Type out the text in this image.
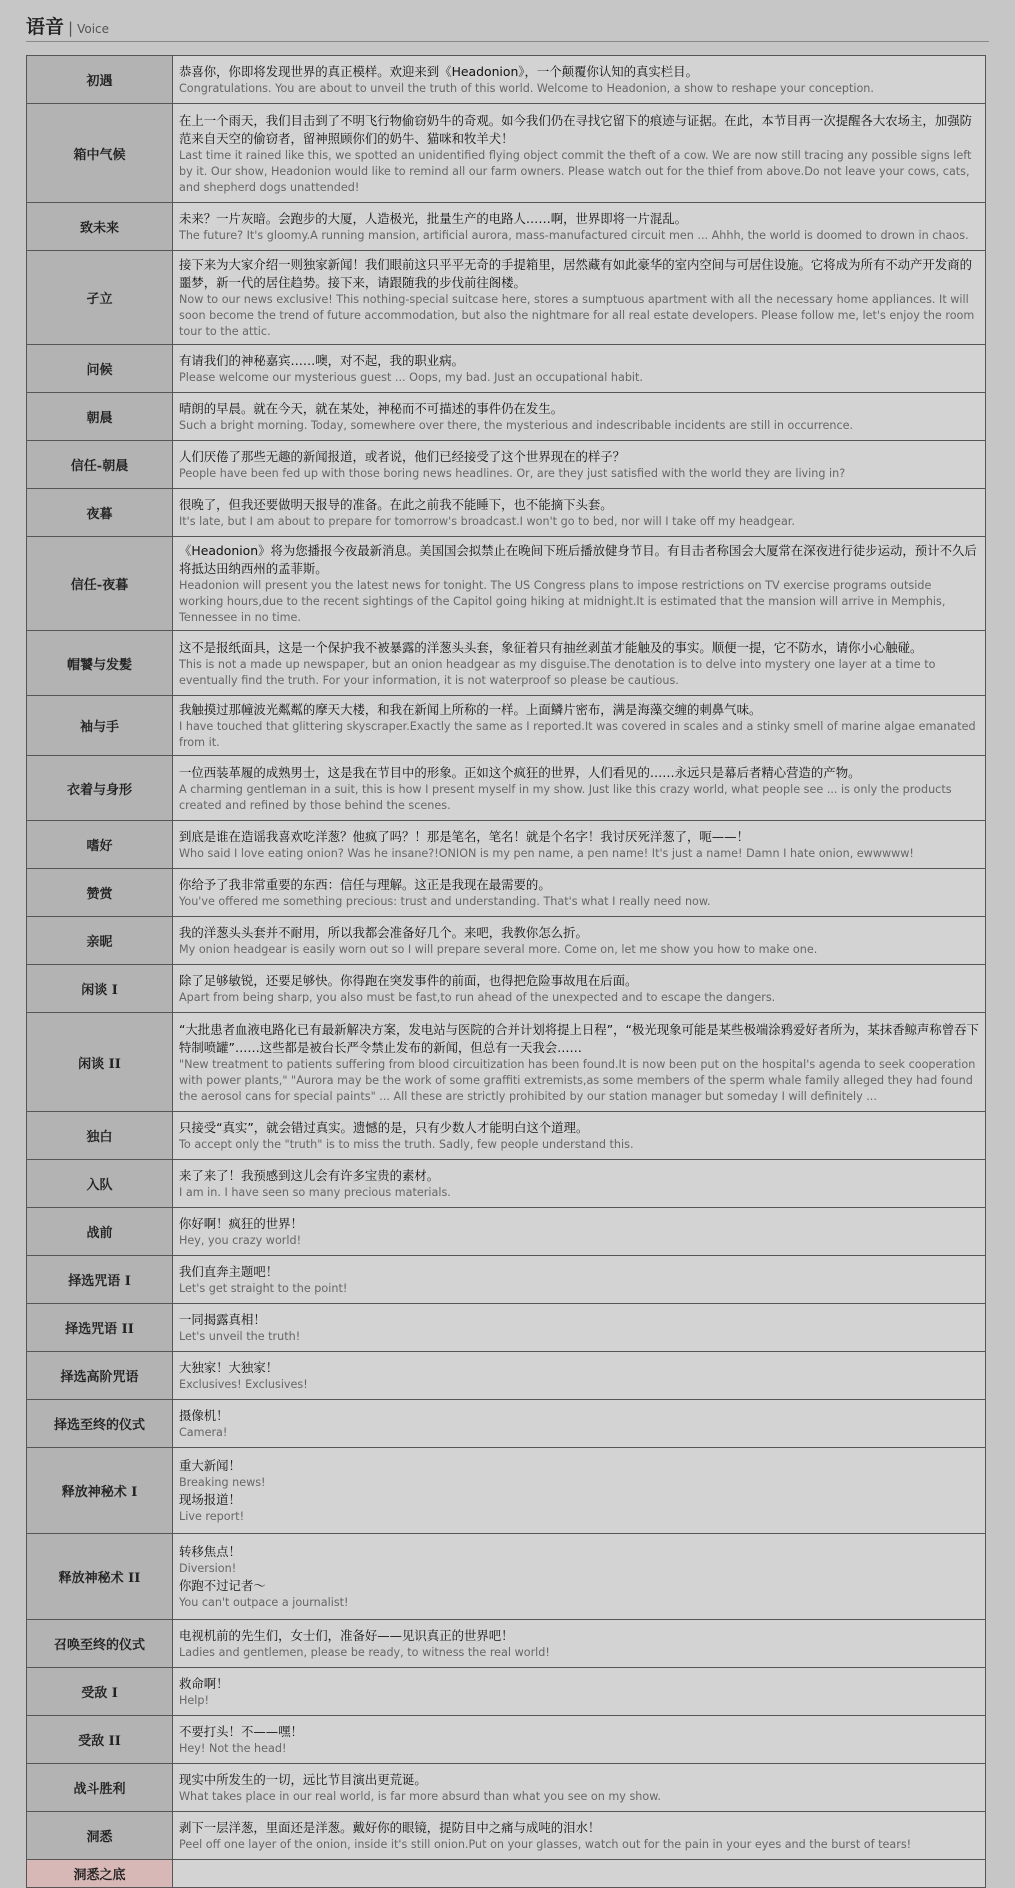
语音 | Voice
初遇	恭喜你，你即将发现世界的真正模样。欢迎来到《Headonion》，一个颠覆你认知的真实栏目。
Congratulations. You are about to unveil the truth of this world. Welcome to Headonion, a show to reshape your conception.

箱中气候	在上一个雨天，我们目击到了不明飞行物偷窃奶牛的奇观。如今我们仍在寻找它留下的痕迹与证据。在此，本节目再一次提醒各大农场主，加强防范来自天空的偷窃者，留神照顾你们的奶牛、猫咪和牧羊犬！
Last time it rained like this, we spotted an unidentified flying object commit the theft of a cow. We are now still tracing any possible signs left by it. Our show, Headonion would like to remind all our farm owners. Please watch out for the thief from above.Do not leave your cows, cats, and shepherd dogs unattended!

致未来	未来？一片灰暗。会跑步的大厦，人造极光，批量生产的电路人……啊，世界即将一片混乱。
The future? It's gloomy.A running mansion, artificial aurora, mass-manufactured circuit men ... Ahhh, the world is doomed to drown in chaos.

孑立	接下来为大家介绍一则独家新闻！我们眼前这只平平无奇的手提箱里，居然藏有如此豪华的室内空间与可居住设施。它将成为所有不动产开发商的噩梦，新一代的居住趋势。接下来，请跟随我的步伐前往阁楼。
Now to our news exclusive! This nothing-special suitcase here, stores a sumptuous apartment with all the necessary home appliances. It will soon become the trend of future accommodation, but also the nightmare for all real estate developers. Please follow me, let's enjoy the room tour to the attic.

问候	有请我们的神秘嘉宾……噢，对不起，我的职业病。
Please welcome our mysterious guest ... Oops, my bad. Just an occupational habit.

朝晨	晴朗的早晨。就在今天，就在某处，神秘而不可描述的事件仍在发生。
Such a bright morning. Today, somewhere over there, the mysterious and indescribable incidents are still in occurrence.

信任-朝晨	人们厌倦了那些无趣的新闻报道，或者说，他们已经接受了这个世界现在的样子？
People have been fed up with those boring news headlines. Or, are they just satisfied with the world they are living in?

夜暮	很晚了，但我还要做明天报导的准备。在此之前我不能睡下，也不能摘下头套。
It's late, but I am about to prepare for tomorrow's broadcast.I won't go to bed, nor will I take off my headgear.

信任-夜暮	《Headonion》将为您播报今夜最新消息。美国国会拟禁止在晚间下班后播放健身节目。有目击者称国会大厦常在深夜进行徒步运动，预计不久后将抵达田纳西州的孟菲斯。
Headonion will present you the latest news for tonight. The US Congress plans to impose restrictions on TV exercise programs outside working hours,due to the recent sightings of the Capitol going hiking at midnight.It is estimated that the mansion will arrive in Memphis, Tennessee in no time.

帽饕与发髪	这不是报纸面具，这是一个保护我不被暴露的洋葱头头套，象征着只有抽丝剥茧才能触及的事实。顺便一提，它不防水，请你小心触碰。
This is not a made up newspaper, but an onion headgear as my disguise.The denotation is to delve into mystery one layer at a time to eventually find the truth. For your information, it is not waterproof so please be cautious.

袖与手	我触摸过那幢波光粼粼的摩天大楼，和我在新闻上所称的一样。上面鳞片密布，满是海藻交缠的刺鼻气味。
I have touched that glittering skyscraper.Exactly the same as I reported.It was covered in scales and a stinky smell of marine algae emanated from it.

衣着与身形	一位西装革履的成熟男士，这是我在节目中的形象。正如这个疯狂的世界，人们看见的……永远只是幕后者精心营造的产物。
A charming gentleman in a suit, this is how I present myself in my show. Just like this crazy world, what people see ... is only the products created and refined by those behind the scenes.

嗜好	到底是谁在造谣我喜欢吃洋葱？他疯了吗？！那是笔名，笔名！就是个名字！我讨厌死洋葱了，呃——！
Who said I love eating onion? Was he insane?!ONION is my pen name, a pen name! It's just a name! Damn I hate onion, ewwwww!

赞赏	你给予了我非常重要的东西：信任与理解。这正是我现在最需要的。
You've offered me something precious: trust and understanding. That's what I really need now.

亲昵	我的洋葱头头套并不耐用，所以我都会准备好几个。来吧，我教你怎么折。
My onion headgear is easily worn out so I will prepare several more. Come on, let me show you how to make one.

闲谈 I	除了足够敏锐，还要足够快。你得跑在突发事件的前面，也得把危险事故甩在后面。
Apart from being sharp, you also must be fast,to run ahead of the unexpected and to escape the dangers.

闲谈 II	“大批患者血液电路化已有最新解决方案，发电站与医院的合并计划将提上日程”，“极光现象可能是某些极端涂鸦爱好者所为，某抹香鲸声称曾吞下特制喷罐”……这些都是被台长严令禁止发布的新闻，但总有一天我会……
"New treatment to patients suffering from blood circuitization has been found.It is now been put on the hospital's agenda to seek cooperation with power plants," "Aurora may be the work of some graffiti extremists,as some members of the sperm whale family alleged they had found the aerosol cans for special paints" ... All these are strictly prohibited by our station manager but someday I will definitely ...

独白	只接受“真实”，就会错过真实。遗憾的是，只有少数人才能明白这个道理。
To accept only the "truth" is to miss the truth. Sadly, few people understand this.

入队	来了来了！我预感到这儿会有许多宝贵的素材。
I am in. I have seen so many precious materials.

战前	你好啊！疯狂的世界！
Hey, you crazy world!

择选咒语 I	我们直奔主题吧！
Let's get straight to the point!

择选咒语 II	一同揭露真相！
Let's unveil the truth!

择选高阶咒语	大独家！大独家！
Exclusives! Exclusives!

择选至终的仪式	摄像机！
Camera!

释放神秘术 I	重大新闻！
Breaking news!
现场报道！
Live report!

释放神秘术 II	转移焦点！
Diversion!
你跑不过记者〜
You can't outpace a journalist!

召唤至终的仪式	电视机前的先生们，女士们，准备好——见识真正的世界吧！
Ladies and gentlemen, please be ready, to witness the real world!

受敌 I	救命啊！
Help!

受敌 II	不要打头！不——嘿！
Hey! Not the head!

战斗胜利	现实中所发生的一切，远比节目演出更荒诞。
What takes place in our real world, is far more absurd than what you see on my show.

洞悉	剥下一层洋葱，里面还是洋葱。戴好你的眼镜，提防目中之痛与成吨的泪水！
Peel off one layer of the onion, inside it's still onion.Put on your glasses, watch out for the pain in your eyes and the burst of tears!

洞悉之底	
